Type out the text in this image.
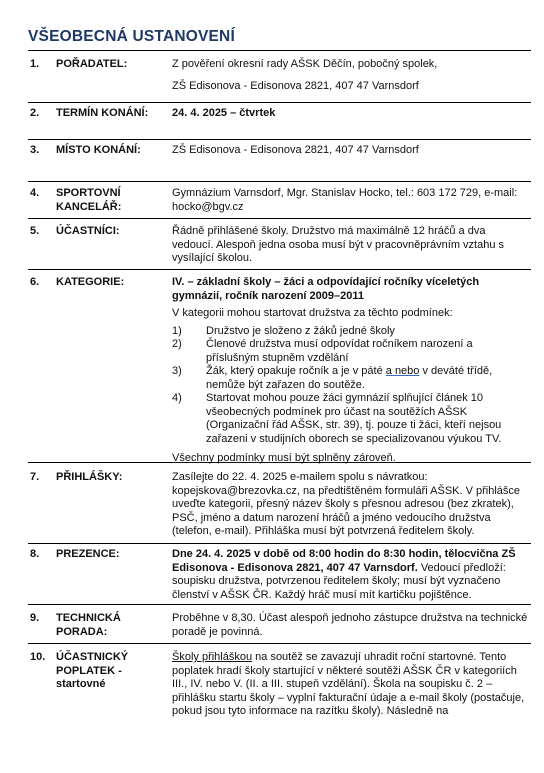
VŠEOBECNÁ USTANOVENÍ
1. POŘADATEL:	Z pověření okresní rady AŠSK Děčín, pobočný spolek,

ZŠ Edisonova - Edisonova 2821, 407 47 Varnsdorf

2. TERMÍN KONÁNÍ:	24. 4. 2025 – čtvrtek
3. MÍSTO KONÁNÍ:	ZŠ Edisonova - Edisonova 2821, 407 47 Varnsdorf
4. SPORTOVNÍ KANCELÁŘ:
Gymnázium Varnsdorf, Mgr. Stanislav Hocko, tel.: 603 172 729, e-mail: hocko@bgv.cz
5. ÚČASTNÍCI:	Řádně přihlášené školy. Družstvo má maximálně 12 hráčů a dva vedoucí. Alespoň jedna osoba musí být v pracovněprávním vztahu s vysílající školou.
6. KATEGORIE:	IV. – základní školy – žáci a odpovídající ročníky víceletých gymnázií, ročník narození 2009–2011

V kategorii mohou startovat družstva za těchto podmínek:

1)	Družstvo je složeno z žáků jedné školy
2)	Členové družstva musí odpovídat ročníkem narození a příslušným stupněm vzdělání
3)	Žák, který opakuje ročník a je v páté a nebo v deváté třídě, nemůže být zařazen do soutěže.
4)	Startovat mohou pouze žáci gymnázií splňující článek 10 všeobecných podmínek pro účast na soutěžích AŠSK (Organizační řád AŠSK, str. 39), tj. pouze ti žáci, kteří nejsou zařazeni v studijních oborech se specializovanou výukou TV.

Všechny podmínky musí být splněny zároveň.

7. PŘIHLÁŠKY:	Zasílejte do 22. 4. 2025 e-mailem spolu s návratkou: kopejskova@brezovka.cz, na předtištěném formuláři AŠSK. V přihlášce uveďte kategorii, přesný název školy s přesnou adresou (bez zkratek), PSČ, jméno a datum narození hráčů a jméno vedoucího družstva (telefon, e-mail). Přihláška musí být potvrzená ředitelem školy.
8. PREZENCE:	Dne 24. 4. 2025 v době od 8:00 hodin do 8:30 hodin, tělocvična ZŠ Edisonova - Edisonova 2821, 407 47 Varnsdorf. Vedoucí předloží: soupisku družstva, potvrzenou ředitelem školy; musí být vyznačeno členství v AŠSK ČR. Každý hráč musí mít kartičku pojištěnce.
9. TECHNICKÁ PORADA:
Proběhne v 8,30. Účast alespoň jednoho zástupce družstva na technické poradě je povinná.
10. ÚČASTNICKÝ POPLATEK - startovné
Školy přihláškou na soutěž se zavazují uhradit roční startovné. Tento poplatek hradí školy startující v některé soutěži AŠSK ČR v kategoriích III., IV. nebo V. (II. a III. stupeň vzdělání). Škola na soupisku č. 2 – přihlášku startu školy – vyplní fakturační údaje a e-mail školy (postačuje, pokud jsou tyto informace na razítku školy). Následně na
